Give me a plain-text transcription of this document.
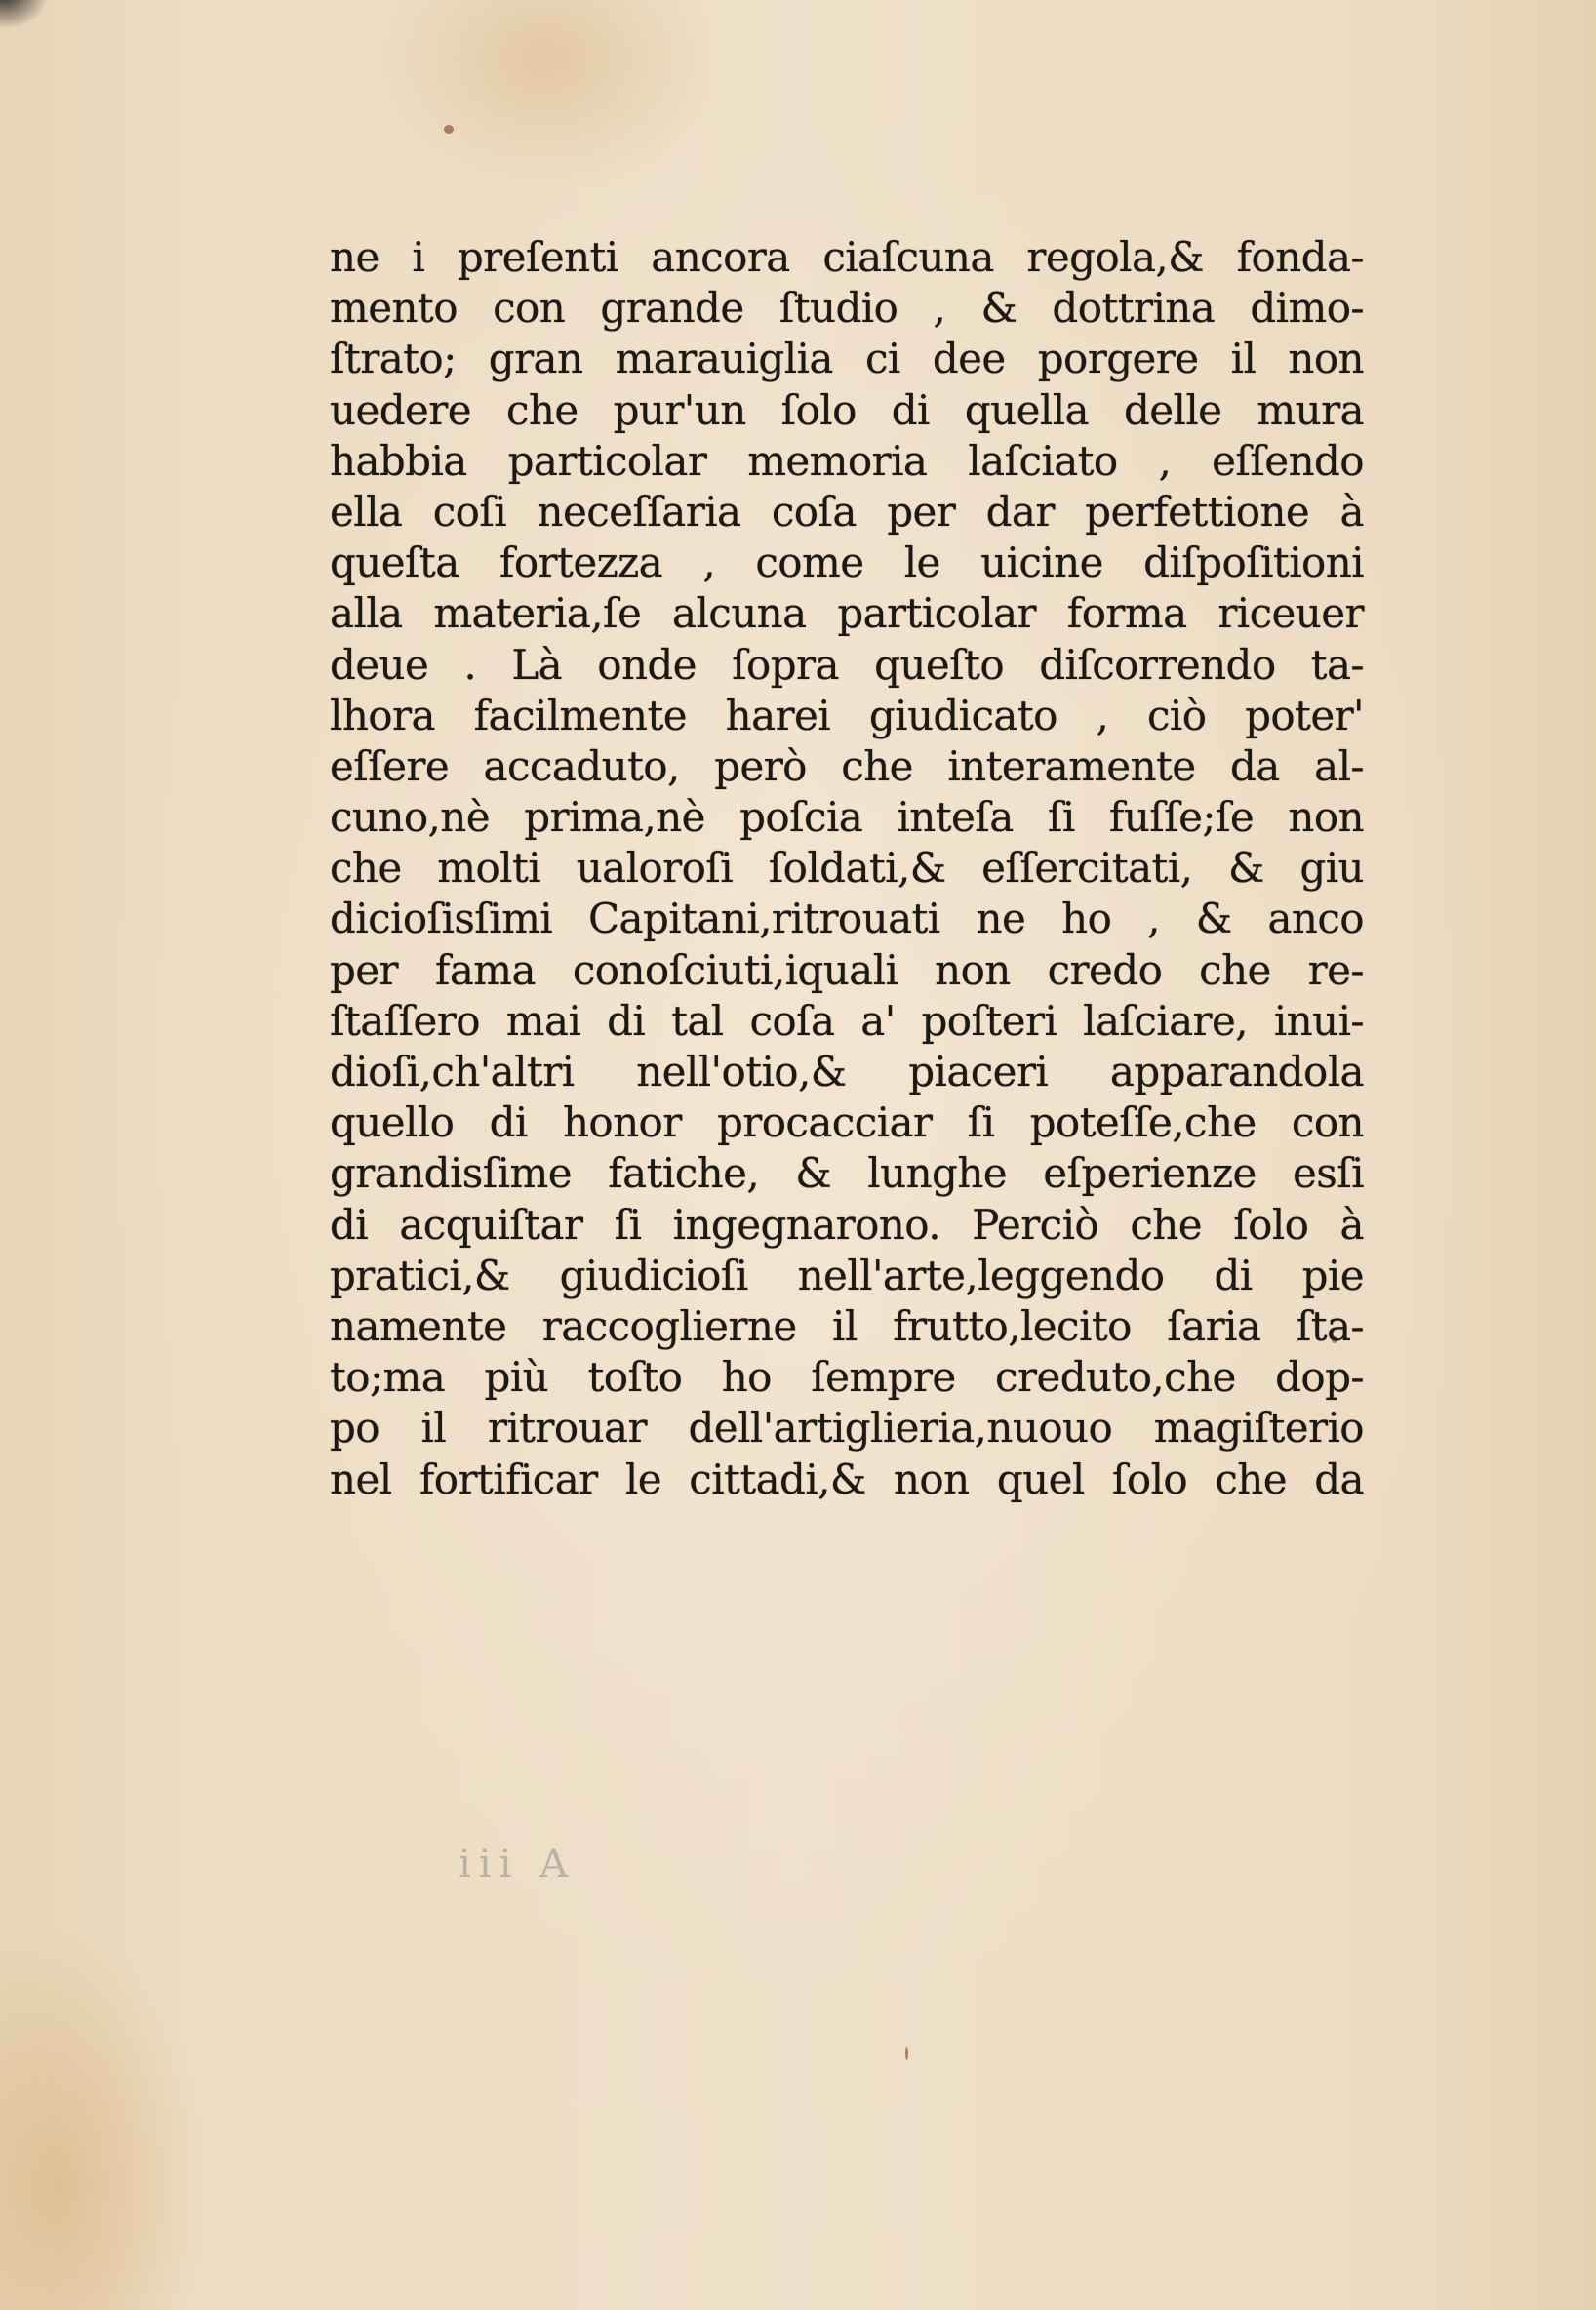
ne i preſenti ancora ciaſcuna regola,& fonda-
mento con grande ſtudio , & dottrina dimo-
ſtrato; gran marauiglia ci dee porgere il non
uedere che pur'un ſolo di quella delle mura
habbia particolar memoria laſciato , eſſendo
ella coſi neceſſaria coſa per dar perfettione à
queſta fortezza , come le uicine diſpoſitioni
alla materia,ſe alcuna particolar forma riceuer
deue . Là onde ſopra queſto diſcorrendo ta-
lhora facilmente harei giudicato , ciò poter'
eſſere accaduto, però che interamente da al-
cuno,nè prima,nè poſcia inteſa ſi fuſſe;ſe non
che molti ualoroſi ſoldati,& eſſercitati, & giu
dicioſisſimi Capitani,ritrouati ne ho , & anco
per fama conoſciuti,iquali non credo che re-
ſtaſſero mai di tal coſa a' poſteri laſciare, inui-
dioſi,ch'altri nell'otio,& piaceri apparandola
quello di honor procacciar ſi poteſſe,che con
grandisſime fatiche, & lunghe eſperienze esſi
di acquiſtar ſi ingegnarono. Perciò che ſolo à
pratici,& giudicioſi nell'arte,leggendo di pie
namente raccoglierne il frutto,lecito ſaria ſta-
to;ma più toſto ho ſempre creduto,che dop-
po il ritrouar dell'artiglieria,nuouo magiſterio
nel fortificar le cittadi,& non quel ſolo che da
iii A
